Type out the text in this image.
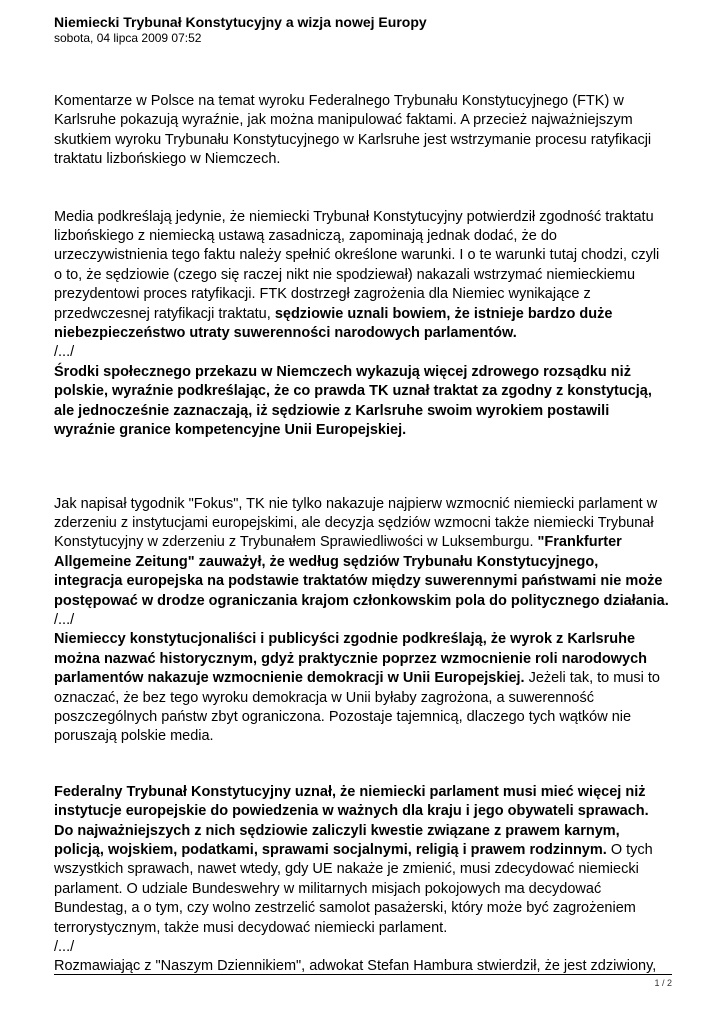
Niemiecki Trybunał Konstytucyjny a wizja nowej Europy
sobota, 04 lipca 2009 07:52

Komentarze w Polsce na temat wyroku Federalnego Trybunału Konstytucyjnego (FTK) w
Karlsruhe pokazują wyraźnie, jak można manipulować faktami. A przecież najważniejszym
skutkiem wyroku Trybunału Konstytucyjnego w Karlsruhe jest wstrzymanie procesu ratyfikacji
traktatu lizbońskiego w Niemczech.

Media podkreślają jedynie, że niemiecki Trybunał Konstytucyjny potwierdził zgodność traktatu
lizbońskiego z niemiecką ustawą zasadniczą, zapominają jednak dodać, że do
urzeczywistnienia tego faktu należy spełnić określone warunki. I o te warunki tutaj chodzi, czyli
o to, że sędziowie (czego się raczej nikt nie spodziewał) nakazali wstrzymać niemieckiemu
prezydentowi proces ratyfikacji. FTK dostrzegł zagrożenia dla Niemiec wynikające z
przedwczesnej ratyfikacji traktatu, sędziowie uznali bowiem, że istnieje bardzo duże
niebezpieczeństwo utraty suwerenności narodowych parlamentów.

/.../

Środki społecznego przekazu w Niemczech wykazują więcej zdrowego rozsądku niż
polskie, wyraźnie podkreślając, że co prawda TK uznał traktat za zgodny z konstytucją,
ale jednocześnie zaznaczają, iż sędziowie z Karlsruhe swoim wyrokiem postawili
wyraźnie granice kompetencyjne Unii Europejskiej.

Jak napisał tygodnik "Fokus", TK nie tylko nakazuje najpierw wzmocnić niemiecki parlament w
zderzeniu z instytucjami europejskimi, ale decyzja sędziów wzmocni także niemiecki Trybunał
Konstytucyjny w zderzeniu z Trybunałem Sprawiedliwości w Luksemburgu. "Frankfurter
Allgemeine Zeitung" zauważył, że według sędziów Trybunału Konstytucyjnego,
integracja europejska na podstawie traktatów między suwerennymi państwami nie może
postępować w drodze ograniczania krajom członkowskim pola do politycznego działania.

/.../

Niemieccy konstytucjonaliści i publicyści zgodnie podkreślają, że wyrok z Karlsruhe
można nazwać historycznym, gdyż praktycznie poprzez wzmocnienie roli narodowych
parlamentów nakazuje wzmocnienie demokracji w Unii Europejskiej. Jeżeli tak, to musi to
oznaczać, że bez tego wyroku demokracja w Unii byłaby zagrożona, a suwerenność
poszczególnych państw zbyt ograniczona. Pozostaje tajemnicą, dlaczego tych wątków nie
poruszają polskie media.

Federalny Trybunał Konstytucyjny uznał, że niemiecki parlament musi mieć więcej niż
instytucje europejskie do powiedzenia w ważnych dla kraju i jego obywateli sprawach.
Do najważniejszych z nich sędziowie zaliczyli kwestie związane z prawem karnym,
policją, wojskiem, podatkami, sprawami socjalnymi, religią i prawem rodzinnym. O tych
wszystkich sprawach, nawet wtedy, gdy UE nakaże je zmienić, musi zdecydować niemiecki
parlament. O udziale Bundeswehry w militarnych misjach pokojowych ma decydować
Bundestag, a o tym, czy wolno zestrzelić samolot pasażerski, który może być zagrożeniem
terrorystycznym, także musi decydować niemiecki parlament.

/.../

Rozmawiając z "Naszym Dziennikiem", adwokat Stefan Hambura stwierdził, że jest zdziwiony,

1 / 2
